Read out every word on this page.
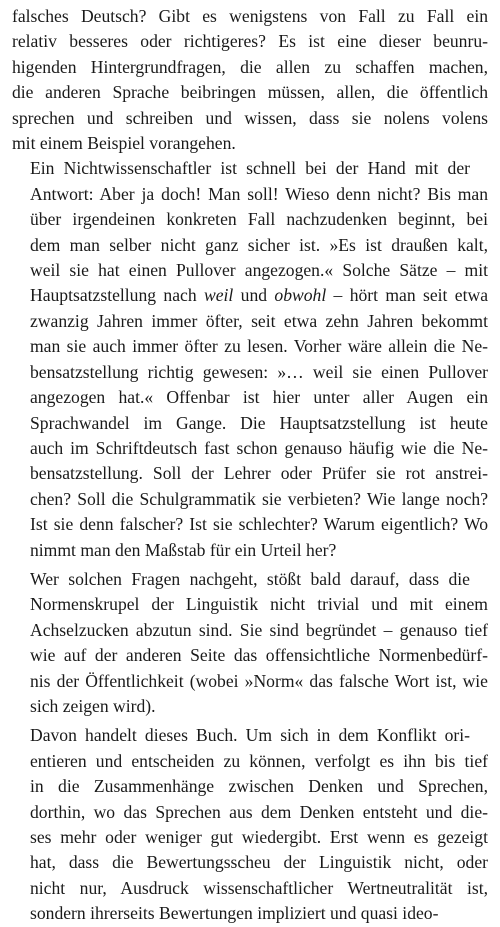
falsches Deutsch? Gibt es wenigstens von Fall zu Fall ein
relativ besseres oder richtigeres? Es ist eine dieser beunru-
higenden Hintergrundfragen, die allen zu schaffen machen,
die anderen Sprache beibringen müssen, allen, die öffentlich
sprechen und schreiben und wissen, dass sie nolens volens
mit einem Beispiel vorangehen.

Ein Nichtwissenschaftler ist schnell bei der Hand mit der
Antwort: Aber ja doch! Man soll! Wieso denn nicht? Bis man
über irgendeinen konkreten Fall nachzudenken beginnt, bei
dem man selber nicht ganz sicher ist. »Es ist draußen kalt,
weil sie hat einen Pullover angezogen.« Solche Sätze – mit
Hauptsatzstellung nach weil und obwohl – hört man seit etwa
zwanzig Jahren immer öfter, seit etwa zehn Jahren bekommt
man sie auch immer öfter zu lesen. Vorher wäre allein die Ne-
bensatzstellung richtig gewesen: »… weil sie einen Pullover
angezogen hat.« Offenbar ist hier unter aller Augen ein
Sprachwandel im Gange. Die Hauptsatzstellung ist heute
auch im Schriftdeutsch fast schon genauso häufig wie die Ne-
bensatzstellung. Soll der Lehrer oder Prüfer sie rot anstrei-
chen? Soll die Schulgrammatik sie verbieten? Wie lange noch?
Ist sie denn falscher? Ist sie schlechter? Warum eigentlich? Wo
nimmt man den Maßstab für ein Urteil her?

Wer solchen Fragen nachgeht, stößt bald darauf, dass die
Normenskrupel der Linguistik nicht trivial und mit einem
Achselzucken abzutun sind. Sie sind begründet – genauso tief
wie auf der anderen Seite das offensichtliche Normenbedürf-
nis der Öffentlichkeit (wobei »Norm« das falsche Wort ist, wie
sich zeigen wird).

Davon handelt dieses Buch. Um sich in dem Konflikt ori-
entieren und entscheiden zu können, verfolgt es ihn bis tief
in die Zusammenhänge zwischen Denken und Sprechen,
dorthin, wo das Sprechen aus dem Denken entsteht und die-
ses mehr oder weniger gut wiedergibt. Erst wenn es gezeigt
hat, dass die Bewertungsscheu der Linguistik nicht, oder
nicht nur, Ausdruck wissenschaftlicher Wertneutralität ist,
sondern ihrerseits Bewertungen impliziert und quasi ideo-
